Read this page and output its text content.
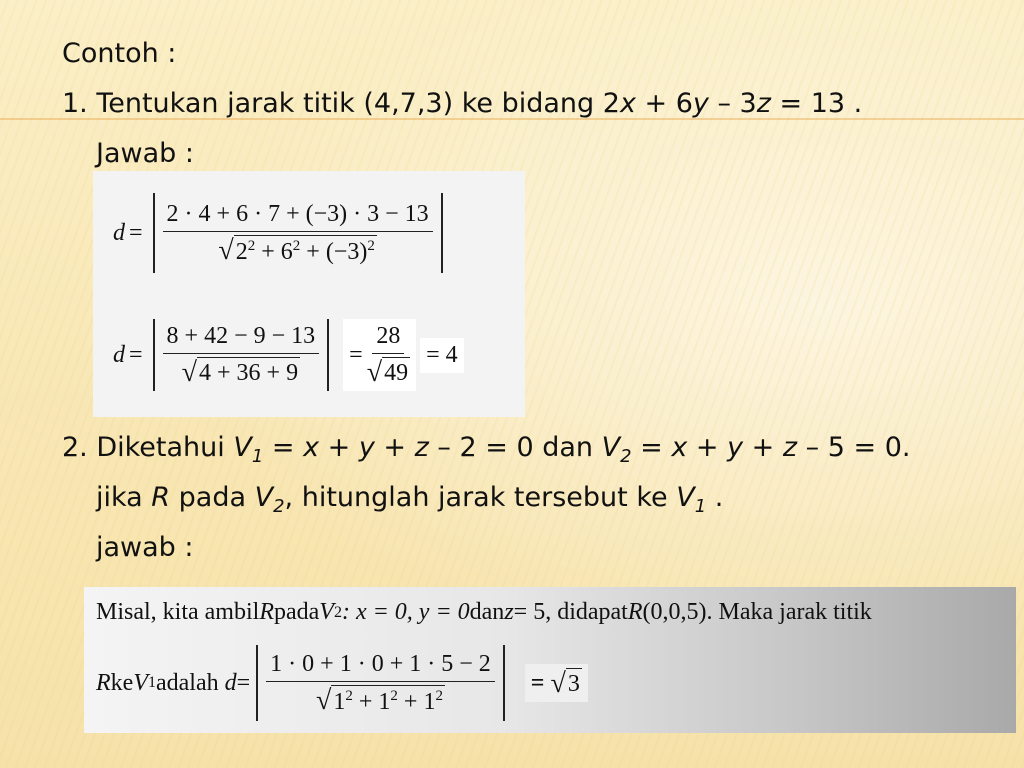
Contoh :
1. Tentukan jarak titik (4,7,3) ke bidang 2x + 6y – 3z = 13 .
Jawab :
$d = \frac{2 \cdot 4 + 6 \cdot 7 + (-3) \cdot 3 - 13}{√ 2^2 + 6^2 + (-3)^2}$
$d = \frac{8 + 42 - 9 - 13}{√ 4 + 36 + 9} = \frac{28}{√ 49} = 4$
2. Diketahui $V_1 = x + y + z - 2 = 0$ dan $V_2 = x + y + z - 5 = 0$.
jika R pada $V_2$, hitunglah jarak tersebut ke $V_1$ .
jawab :
Misal, kita ambil R pada V 2 : x = 0, y = 0 dan z = 5, didapat R (0,0,5). Maka jarak titik
R ke V 1 adalah $d = \frac{1 \cdot 0 + 1 \cdot 0 + 1 \cdot 5 - 2}{√ 1^2 + 1^2 + 1^2}$ = √ 3
